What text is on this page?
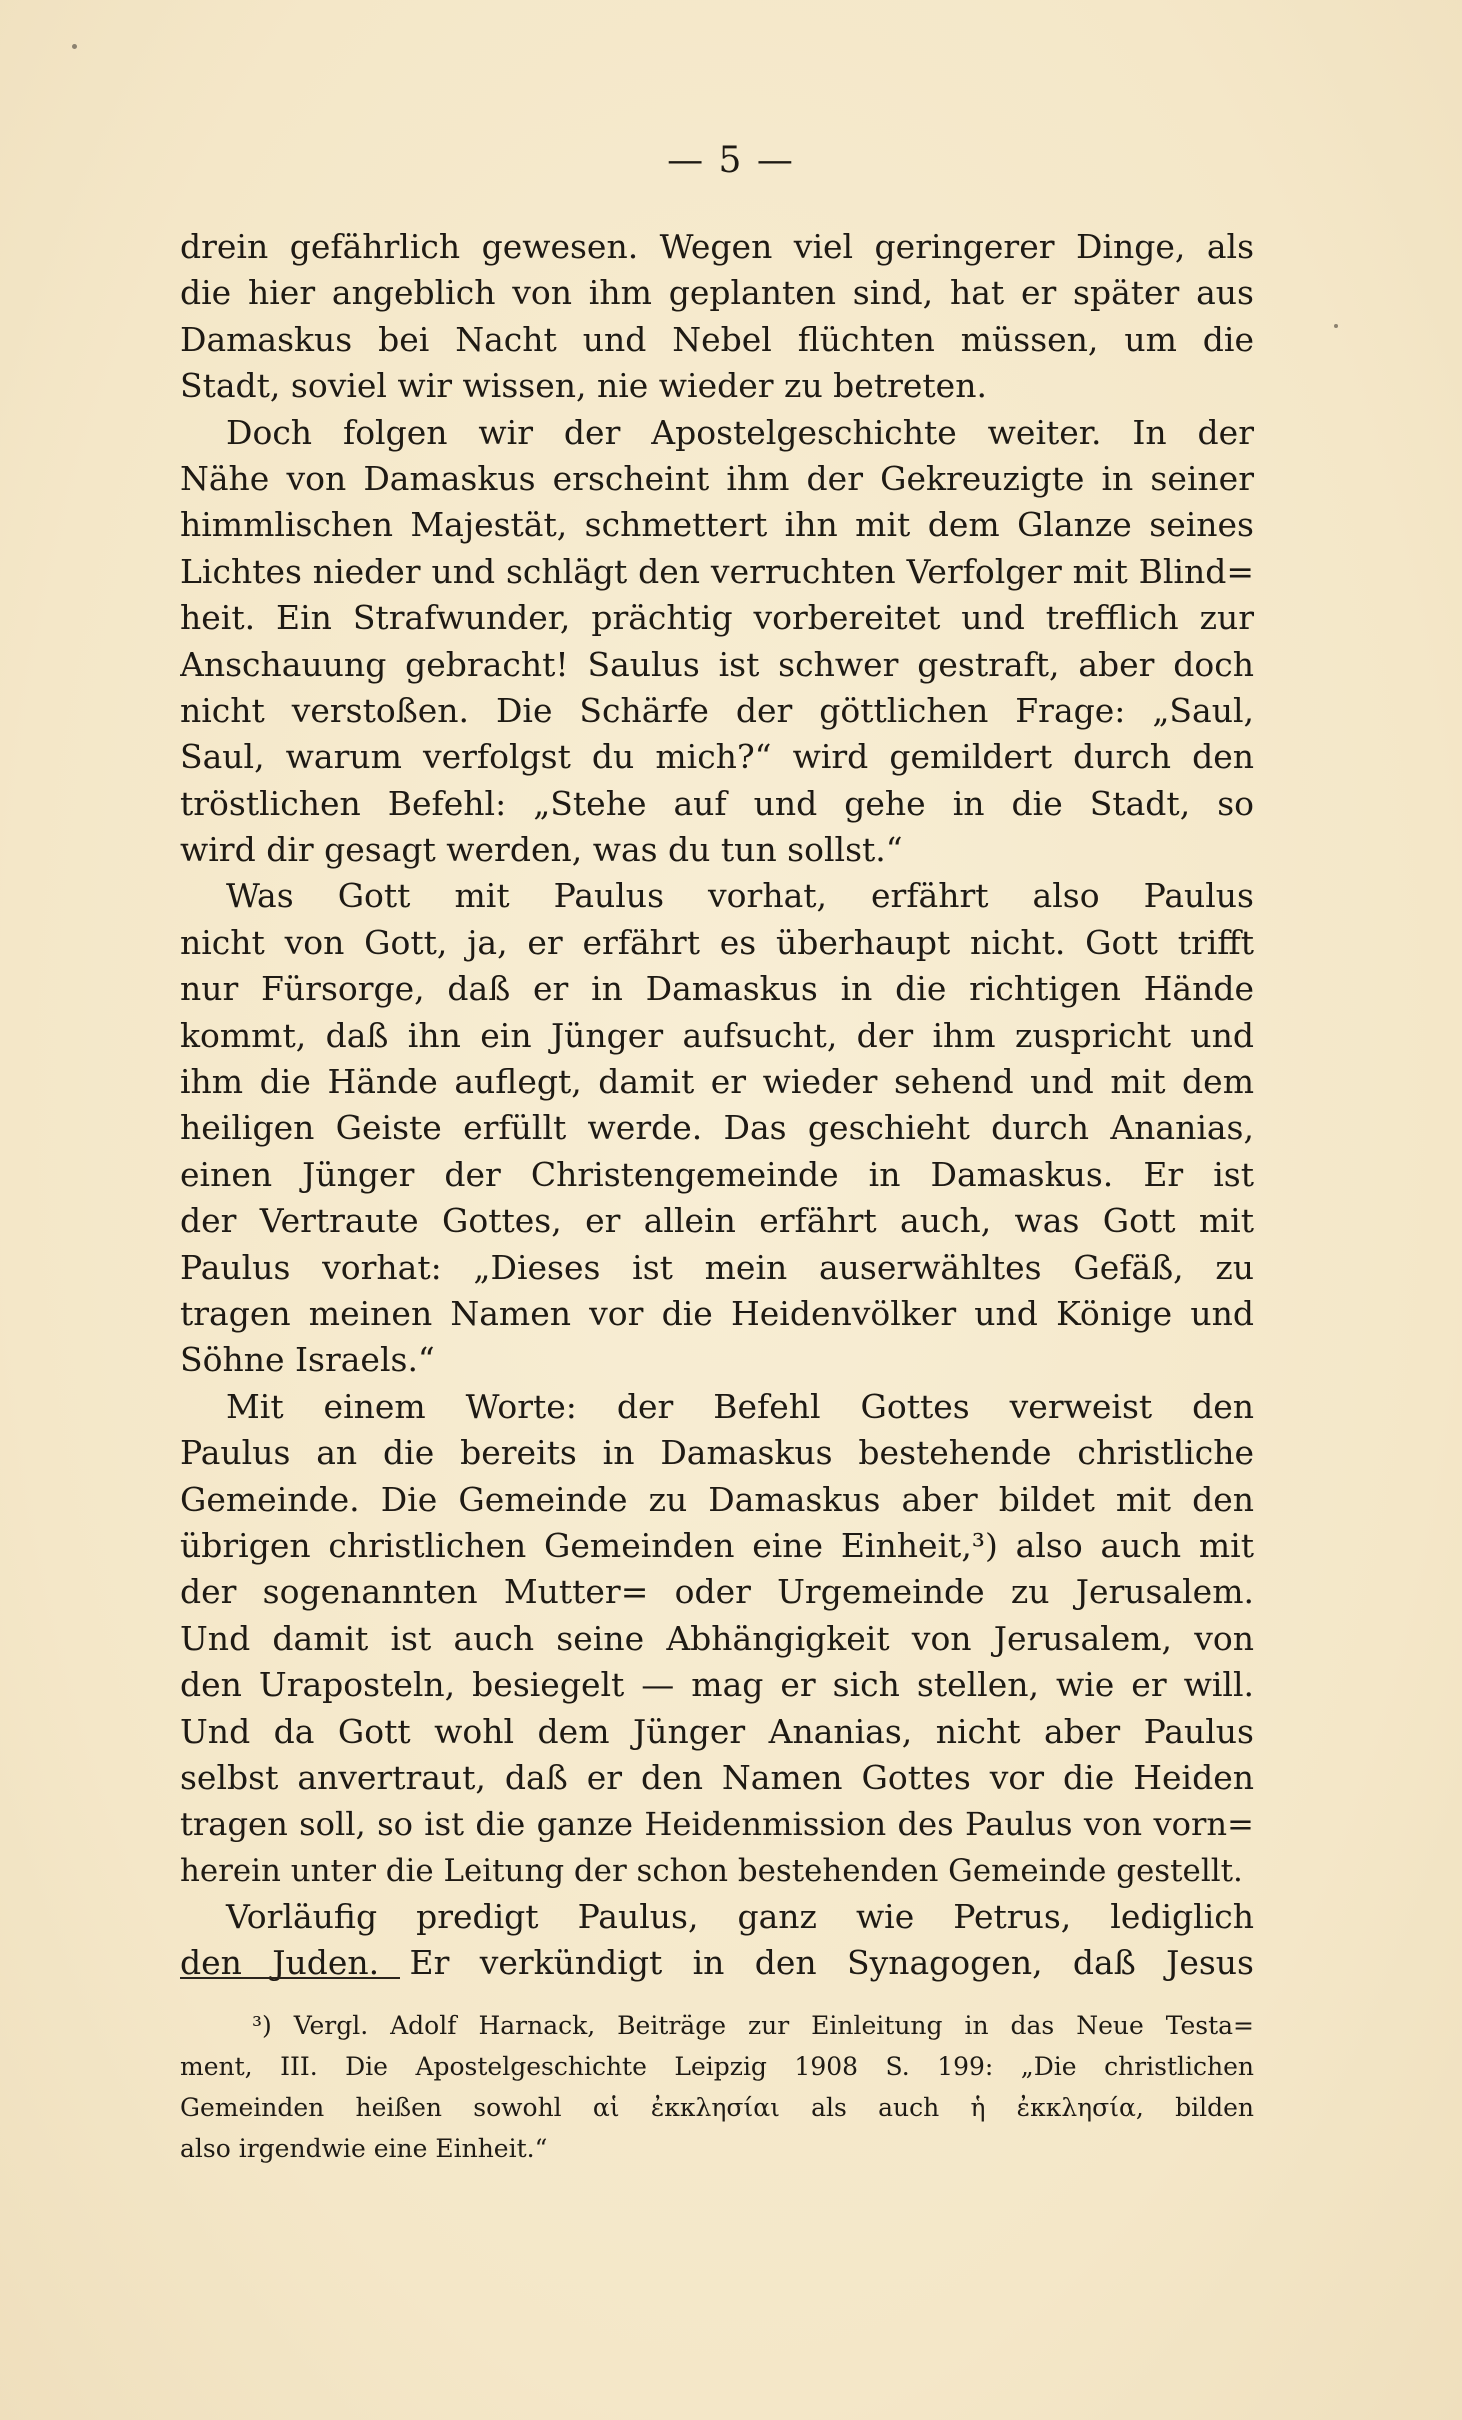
— 5 —
drein gefährlich gewesen. Wegen viel geringerer Dinge, als
die hier angeblich von ihm geplanten sind, hat er später aus
Damaskus bei Nacht und Nebel flüchten müssen, um die
Stadt, soviel wir wissen, nie wieder zu betreten.
Doch folgen wir der Apostelgeschichte weiter. In der
Nähe von Damaskus erscheint ihm der Gekreuzigte in seiner
himmlischen Majestät, schmettert ihn mit dem Glanze seines
Lichtes nieder und schlägt den verruchten Verfolger mit Blind=
heit. Ein Strafwunder, prächtig vorbereitet und trefflich zur
Anschauung gebracht! Saulus ist schwer gestraft, aber doch
nicht verstoßen. Die Schärfe der göttlichen Frage: „Saul,
Saul, warum verfolgst du mich?“ wird gemildert durch den
tröstlichen Befehl: „Stehe auf und gehe in die Stadt, so
wird dir gesagt werden, was du tun sollst.“
Was Gott mit Paulus vorhat, erfährt also Paulus
nicht von Gott, ja, er erfährt es überhaupt nicht. Gott trifft
nur Fürsorge, daß er in Damaskus in die richtigen Hände
kommt, daß ihn ein Jünger aufsucht, der ihm zuspricht und
ihm die Hände auflegt, damit er wieder sehend und mit dem
heiligen Geiste erfüllt werde. Das geschieht durch Ananias,
einen Jünger der Christengemeinde in Damaskus. Er ist
der Vertraute Gottes, er allein erfährt auch, was Gott mit
Paulus vorhat: „Dieses ist mein auserwähltes Gefäß, zu
tragen meinen Namen vor die Heidenvölker und Könige und
Söhne Israels.“
Mit einem Worte: der Befehl Gottes verweist den
Paulus an die bereits in Damaskus bestehende christliche
Gemeinde. Die Gemeinde zu Damaskus aber bildet mit den
übrigen christlichen Gemeinden eine Einheit,³) also auch mit
der sogenannten Mutter= oder Urgemeinde zu Jerusalem.
Und damit ist auch seine Abhängigkeit von Jerusalem, von
den Uraposteln, besiegelt — mag er sich stellen, wie er will.
Und da Gott wohl dem Jünger Ananias, nicht aber Paulus
selbst anvertraut, daß er den Namen Gottes vor die Heiden
tragen soll, so ist die ganze Heidenmission des Paulus von vorn=
herein unter die Leitung der schon bestehenden Gemeinde gestellt.
Vorläufig predigt Paulus, ganz wie Petrus, lediglich
den Juden. Er verkündigt in den Synagogen, daß Jesus
³) Vergl. Adolf Harnack, Beiträge zur Einleitung in das Neue Testa=
ment, III. Die Apostelgeschichte Leipzig 1908 S. 199: „Die christlichen
Gemeinden heißen sowohl αἱ ἐκκλησίαι als auch ἡ ἐκκλησία, bilden
also irgendwie eine Einheit.“
